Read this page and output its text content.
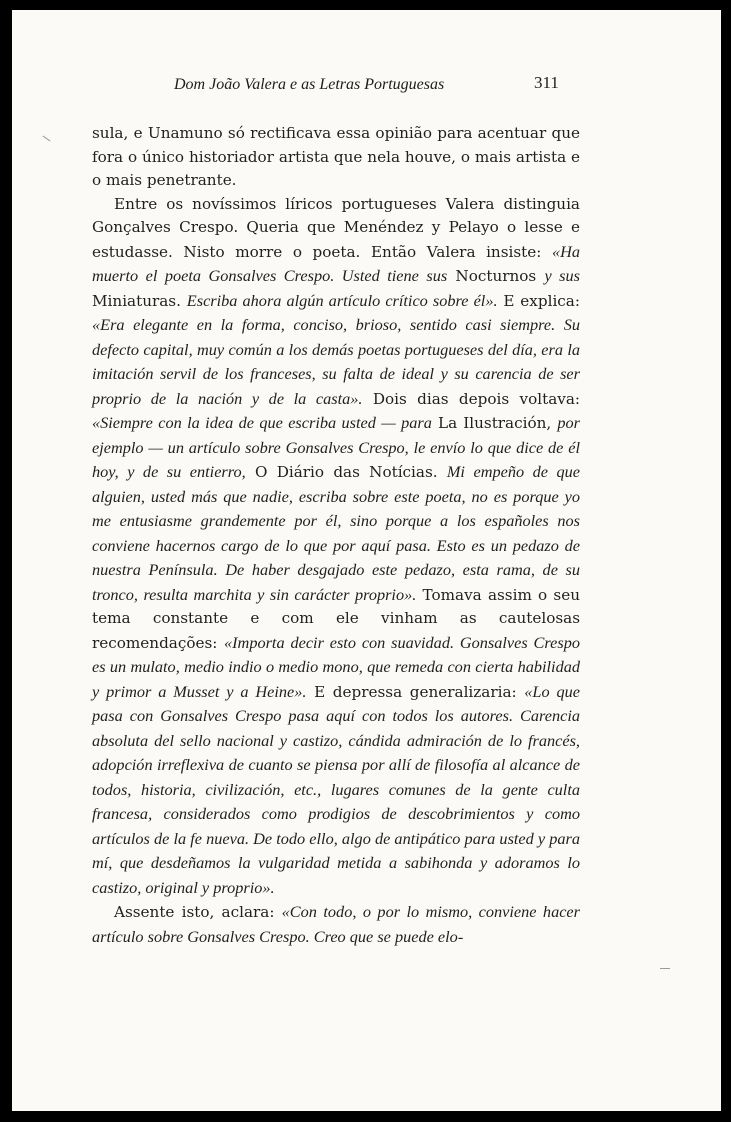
Dom João Valera e as Letras Portuguesas	311

sula, e Unamuno só rectificava essa opinião para acentuar que fora o único historiador artista que nela houve, o mais artista e o mais penetrante.

Entre os novíssimos líricos portugueses Valera distinguia Gonçalves Crespo. Queria que Menéndez y Pelayo o lesse e estudasse. Nisto morre o poeta. Então Valera insiste: «Ha muerto el poeta Gonsalves Crespo. Usted tiene sus Nocturnos y sus Miniaturas. Escriba ahora algún artículo crítico sobre él». E explica: «Era elegante en la forma, conciso, brioso, sentido casi siempre. Su defecto capital, muy común a los demás poetas portugueses del día, era la imitación servil de los franceses, su falta de ideal y su carencia de ser proprio de la nación y de la casta». Dois dias depois voltava: «Siempre con la idea de que escriba usted — para La Ilustración, por ejemplo — un artículo sobre Gonsalves Crespo, le envío lo que dice de él hoy, y de su entierro, O Diário das Notícias. Mi empeño de que alguien, usted más que nadie, escriba sobre este poeta, no es porque yo me entusiasme grandemente por él, sino porque a los españoles nos conviene hacernos cargo de lo que por aquí pasa. Esto es un pedazo de nuestra Península. De haber desgajado este pedazo, esta rama, de su tronco, resulta marchita y sin carácter proprio». Tomava assim o seu tema constante e com ele vinham as cautelosas recomendações: «Importa decir esto con suavidad. Gonsalves Crespo es un mulato, medio indio o medio mono, que remeda con cierta habilidad y primor a Musset y a Heine». E depressa generalizaria: «Lo que pasa con Gonsalves Crespo pasa aquí con todos los autores. Carencia absoluta del sello nacional y castizo, cándida admiración de lo francés, adopción irreflexiva de cuanto se piensa por allí de filosofía al alcance de todos, historia, civilización, etc., lugares comunes de la gente culta francesa, considerados como prodigios de descobrimientos y como artículos de la fe nueva. De todo ello, algo de antipático para usted y para mí, que desdeñamos la vulgaridad metida a sabihonda y adoramos lo castizo, original y proprio».

Assente isto, aclara: «Con todo, o por lo mismo, conviene hacer artículo sobre Gonsalves Crespo. Creo que se puede elo-
